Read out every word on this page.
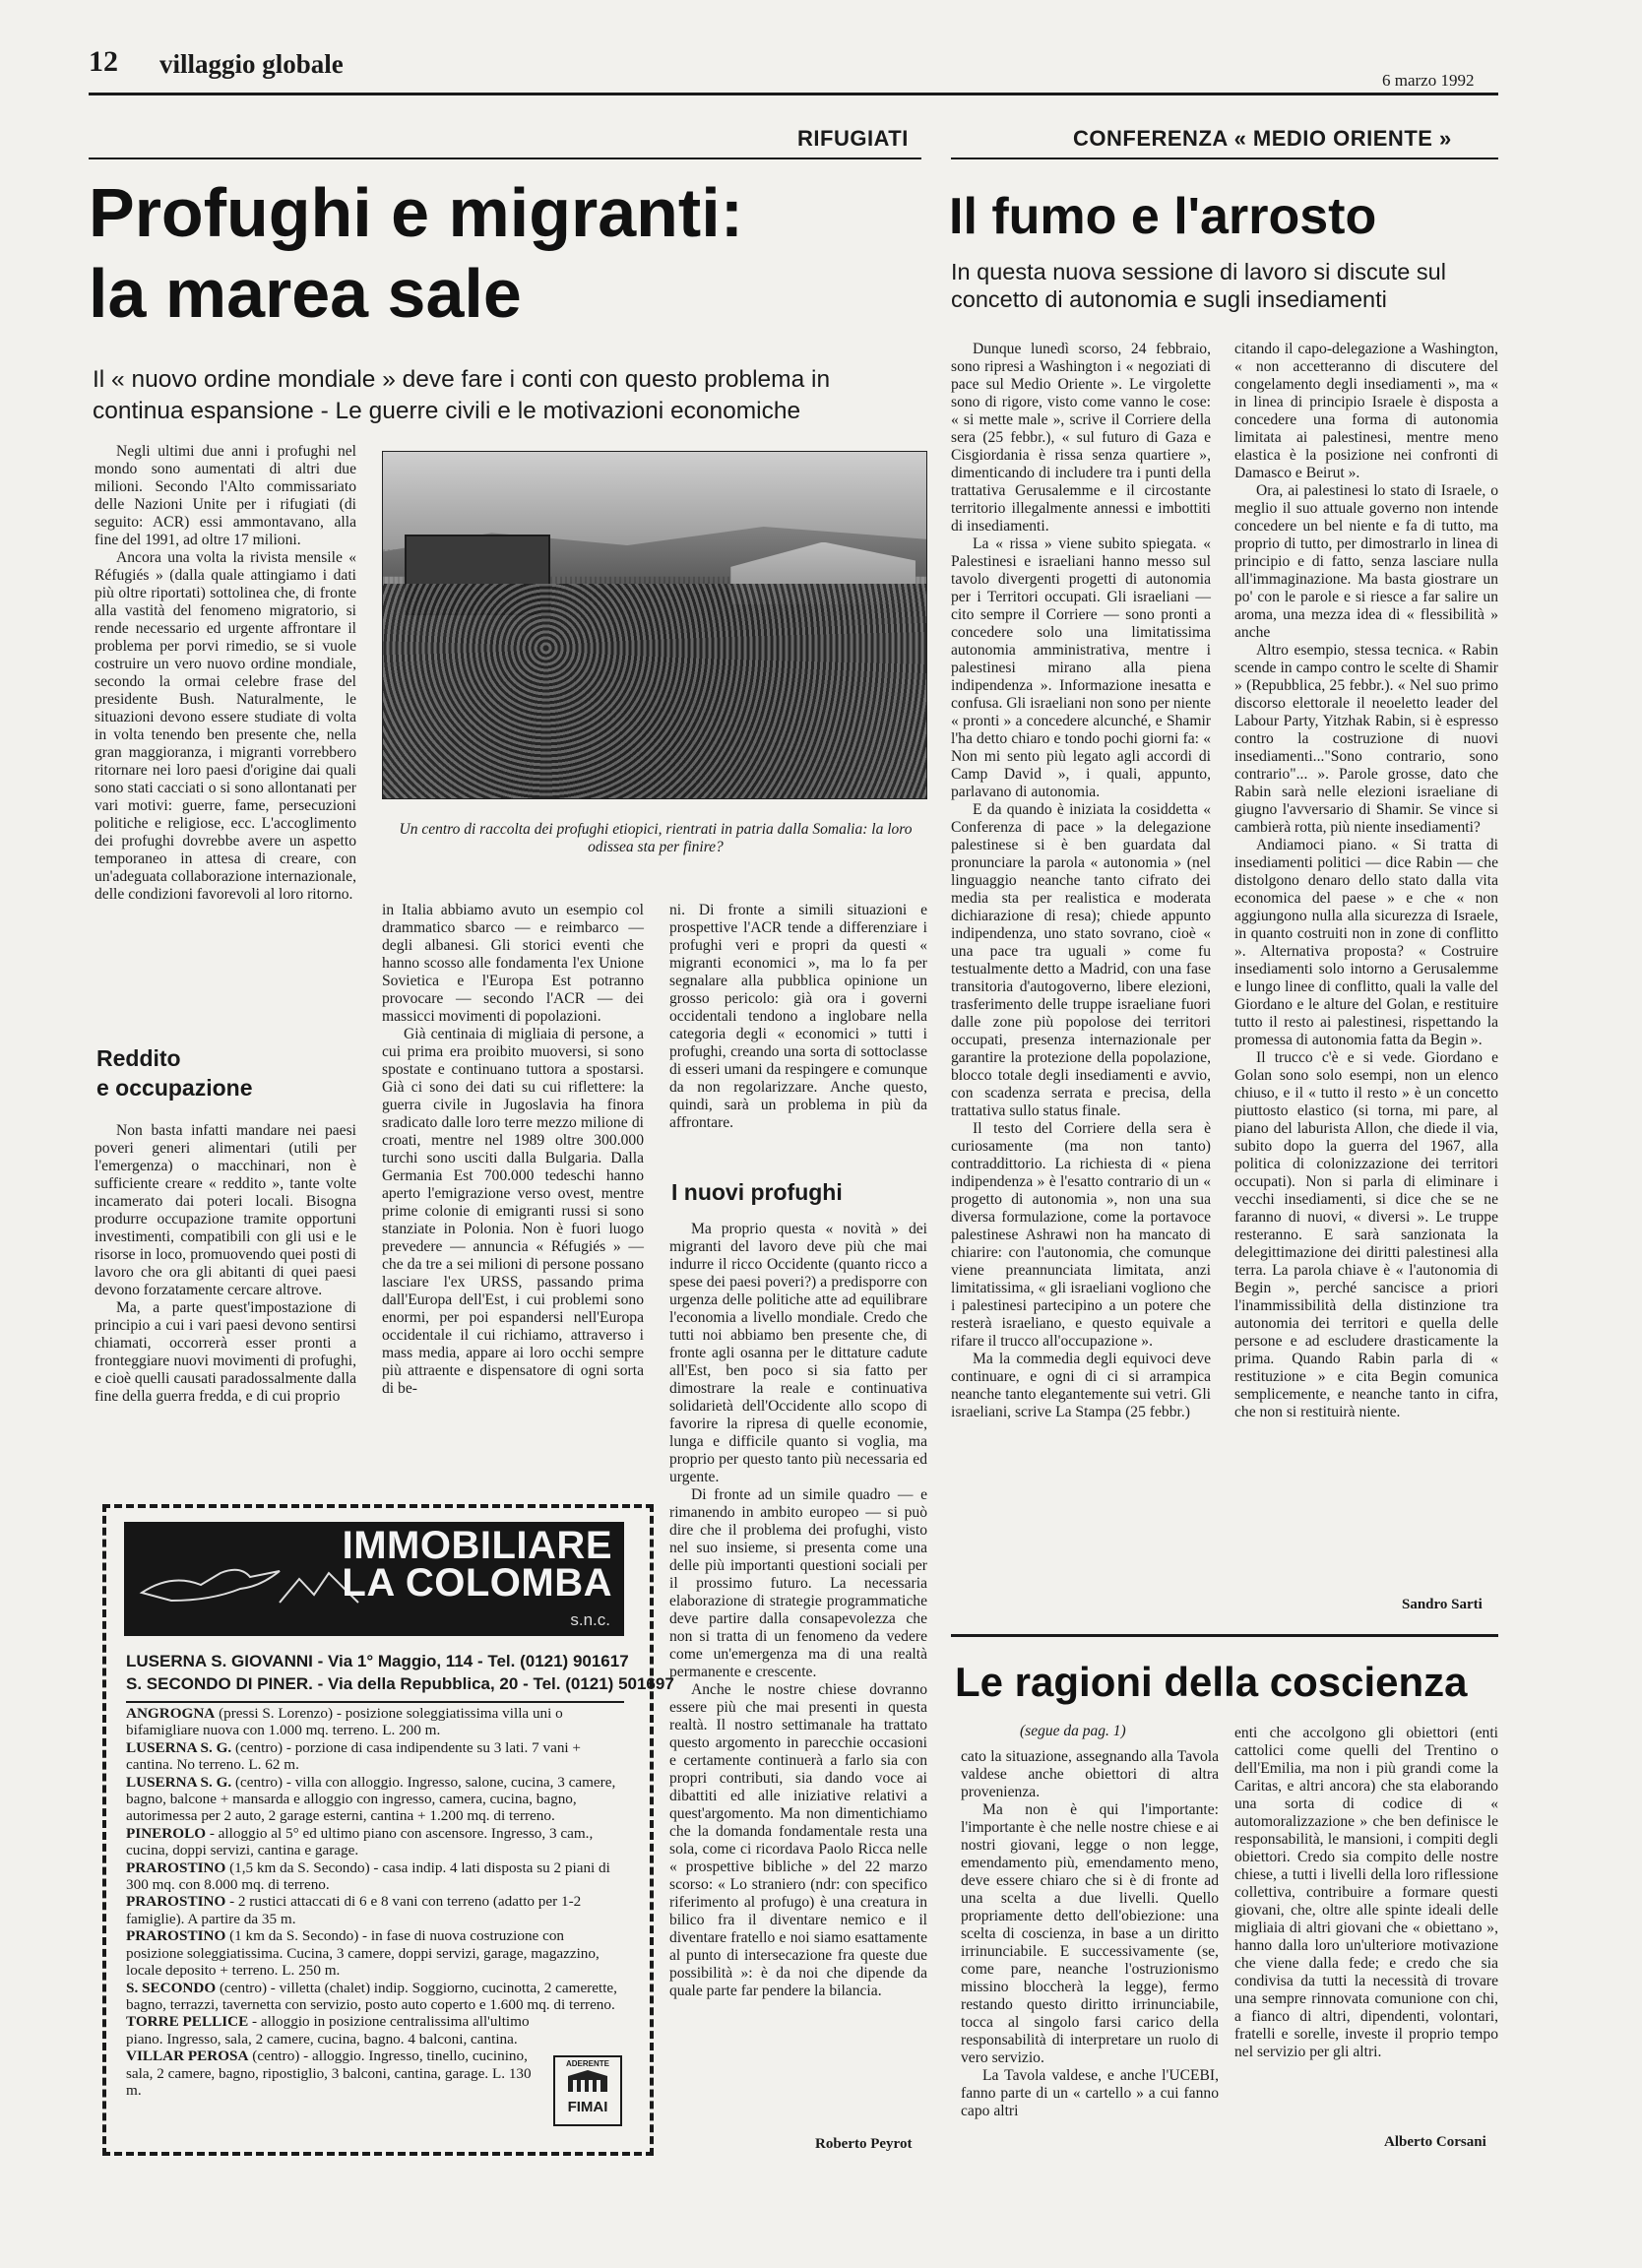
12 villaggio globale
6 marzo 1992
RIFUGIATI
Profughi e migranti:
la marea sale
Il « nuovo ordine mondiale » deve fare i conti con questo problema in continua espansione - Le guerre civili e le motivazioni economiche

Negli ultimi due anni i profughi nel mondo sono aumentati di altri due milioni. Secondo l'Alto commissariato delle Nazioni Unite per i rifugiati (di seguito: ACR) essi ammontavano, alla fine del 1991, ad oltre 17 milioni.

Ancora una volta la rivista mensile « Réfugiés » (dalla quale attingiamo i dati più oltre riportati) sottolinea che, di fronte alla vastità del fenomeno migratorio, si rende necessario ed urgente affrontare il problema per porvi rimedio, se si vuole costruire un vero nuovo ordine mondiale, secondo la ormai celebre frase del presidente Bush. Naturalmente, le situazioni devono essere studiate di volta in volta tenendo ben presente che, nella gran maggioranza, i migranti vorrebbero ritornare nei loro paesi d'origine dai quali sono stati cacciati o si sono allontanati per vari motivi: guerre, fame, persecuzioni politiche e religiose, ecc. L'accoglimento dei profughi dovrebbe avere un aspetto temporaneo in attesa di creare, con un'adeguata collaborazione internazionale, delle condizioni favorevoli al loro ritorno.

Reddito
e occupazione

Non basta infatti mandare nei paesi poveri generi alimentari (utili per l'emergenza) o macchinari, non è sufficiente creare « reddito », tante volte incamerato dai poteri locali. Bisogna produrre occupazione tramite opportuni investimenti, compatibili con gli usi e le risorse in loco, promuovendo quei posti di lavoro che ora gli abitanti di quei paesi devono forzatamente cercare altrove.

Ma, a parte quest'impostazione di principio a cui i vari paesi devono sentirsi chiamati, occorrerà esser pronti a fronteggiare nuovi movimenti di profughi, e cioè quelli causati paradossalmente dalla fine della guerra fredda, e di cui proprio

Un centro di raccolta dei profughi etiopici, rientrati in patria dalla Somalia: la loro odissea sta per finire?

in Italia abbiamo avuto un esempio col drammatico sbarco — e reimbarco — degli albanesi. Gli storici eventi che hanno scosso alle fondamenta l'ex Unione Sovietica e l'Europa Est potranno provocare — secondo l'ACR — dei massicci movimenti di popolazioni.

Già centinaia di migliaia di persone, a cui prima era proibito muoversi, si sono spostate e continuano tuttora a spostarsi. Già ci sono dei dati su cui riflettere: la guerra civile in Jugoslavia ha finora sradicato dalle loro terre mezzo milione di croati, mentre nel 1989 oltre 300.000 turchi sono usciti dalla Bulgaria. Dalla Germania Est 700.000 tedeschi hanno aperto l'emigrazione verso ovest, mentre prime colonie di emigranti russi si sono stanziate in Polonia. Non è fuori luogo prevedere — annuncia « Réfugiés » — che da tre a sei milioni di persone possano lasciare l'ex URSS, passando prima dall'Europa dell'Est, i cui problemi sono enormi, per poi espandersi nell'Europa occidentale il cui richiamo, attraverso i mass media, appare ai loro occhi sempre più attraente e dispensatore di ogni sorta di be-

ni. Di fronte a simili situazioni e prospettive l'ACR tende a differenziare i profughi veri e propri da questi « migranti economici », ma lo fa per segnalare alla pubblica opinione un grosso pericolo: già ora i governi occidentali tendono a inglobare nella categoria degli « economici » tutti i profughi, creando una sorta di sottoclasse di esseri umani da respingere e comunque da non regolarizzare. Anche questo, quindi, sarà un problema in più da affrontare.

I nuovi profughi

Ma proprio questa « novità » dei migranti del lavoro deve più che mai indurre il ricco Occidente (quanto ricco a spese dei paesi poveri?) a predisporre con urgenza delle politiche atte ad equilibrare l'economia a livello mondiale. Credo che tutti noi abbiamo ben presente che, di fronte agli osanna per le dittature cadute all'Est, ben poco si sia fatto per dimostrare la reale e continuativa solidarietà dell'Occidente allo scopo di favorire la ripresa di quelle economie, lunga e difficile quanto si voglia, ma proprio per questo tanto più necessaria ed urgente.

Di fronte ad un simile quadro — e rimanendo in ambito europeo — si può dire che il problema dei profughi, visto nel suo insieme, si presenta come una delle più importanti questioni sociali per il prossimo futuro. La necessaria elaborazione di strategie programmatiche deve partire dalla consapevolezza che non si tratta di un fenomeno da vedere come un'emergenza ma di una realtà permanente e crescente.

Anche le nostre chiese dovranno essere più che mai presenti in questa realtà. Il nostro settimanale ha trattato questo argomento in parecchie occasioni e certamente continuerà a farlo sia con propri contributi, sia dando voce ai dibattiti ed alle iniziative relativi a quest'argomento. Ma non dimentichiamo che la domanda fondamentale resta una sola, come ci ricordava Paolo Ricca nelle « prospettive bibliche » del 22 marzo scorso: « Lo straniero (ndr: con specifico riferimento al profugo) è una creatura in bilico fra il diventare nemico e il diventare fratello e noi siamo esattamente al punto di intersecazione fra queste due possibilità »: è da noi che dipende da quale parte far pendere la bilancia.

Roberto Peyrot
IMMOBILIARE
LA COLOMBA
s.n.c.
LUSERNA S. GIOVANNI - Via 1° Maggio, 114 - Tel. (0121) 901617
S. SECONDO DI PINER. - Via della Repubblica, 20 - Tel. (0121) 501697
ANGROGNA (pressi S. Lorenzo) - posizione soleggiatissima villa uni o bifamigliare nuova con 1.000 mq. terreno. L. 200 m.
LUSERNA S. G. (centro) - porzione di casa indipendente su 3 lati. 7 vani + cantina. No terreno. L. 62 m.
LUSERNA S. G. (centro) - villa con alloggio. Ingresso, salone, cucina, 3 camere, bagno, balcone + mansarda e alloggio con ingresso, camera, cucina, bagno, autorimessa per 2 auto, 2 garage esterni, cantina + 1.200 mq. di terreno.
PINEROLO - alloggio al 5° ed ultimo piano con ascensore. Ingresso, 3 cam., cucina, doppi servizi, cantina e garage.
PRAROSTINO (1,5 km da S. Secondo) - casa indip. 4 lati disposta su 2 piani di 300 mq. con 8.000 mq. di terreno.
PRAROSTINO - 2 rustici attaccati di 6 e 8 vani con terreno (adatto per 1-2 famiglie). A partire da 35 m.
PRAROSTINO (1 km da S. Secondo) - in fase di nuova costruzione con posizione soleggiatissima. Cucina, 3 camere, doppi servizi, garage, magazzino, locale deposito + terreno. L. 250 m.
S. SECONDO (centro) - villetta (chalet) indip. Soggiorno, cucinotta, 2 camerette, bagno, terrazzi, tavernetta con servizio, posto auto coperto e 1.600 mq. di terreno.
TORRE PELLICE - alloggio in posizione centralissima all'ultimo piano. Ingresso, sala, 2 camere, cucina, bagno. 4 balconi, cantina.
VILLAR PEROSA (centro) - alloggio. Ingresso, tinello, cucinino, sala, 2 camere, bagno, ripostiglio, 3 balconi, cantina, garage. L. 130 m.
ADERENTE
FIMAI
CONFERENZA « MEDIO ORIENTE »
Il fumo e l'arrosto
In questa nuova sessione di lavoro si discute sul concetto di autonomia e sugli insediamenti

Dunque lunedì scorso, 24 febbraio, sono ripresi a Washington i « negoziati di pace sul Medio Oriente ». Le virgolette sono di rigore, visto come vanno le cose: « si mette male », scrive il Corriere della sera (25 febbr.), « sul futuro di Gaza e Cisgiordania è rissa senza quartiere », dimenticando di includere tra i punti della trattativa Gerusalemme e il circostante territorio illegalmente annessi e imbottiti di insediamenti.

La « rissa » viene subito spiegata. « Palestinesi e israeliani hanno messo sul tavolo divergenti progetti di autonomia per i Territori occupati. Gli israeliani — cito sempre il Corriere — sono pronti a concedere solo una limitatissima autonomia amministrativa, mentre i palestinesi mirano alla piena indipendenza ». Informazione inesatta e confusa. Gli israeliani non sono per niente « pronti » a concedere alcunché, e Shamir l'ha detto chiaro e tondo pochi giorni fa: « Non mi sento più legato agli accordi di Camp David », i quali, appunto, parlavano di autonomia.

E da quando è iniziata la cosiddetta « Conferenza di pace » la delegazione palestinese si è ben guardata dal pronunciare la parola « autonomia » (nel linguaggio neanche tanto cifrato dei media sta per realistica e moderata dichiarazione di resa); chiede appunto indipendenza, uno stato sovrano, cioè « una pace tra uguali » come fu testualmente detto a Madrid, con una fase transitoria d'autogoverno, libere elezioni, trasferimento delle truppe israeliane fuori dalle zone più popolose dei territori occupati, presenza internazionale per garantire la protezione della popolazione, blocco totale degli insediamenti e avvio, con scadenza serrata e precisa, della trattativa sullo status finale.

Il testo del Corriere della sera è curiosamente (ma non tanto) contraddittorio. La richiesta di « piena indipendenza » è l'esatto contrario di un « progetto di autonomia », non una sua diversa formulazione, come la portavoce palestinese Ashrawi non ha mancato di chiarire: con l'autonomia, che comunque viene preannunciata limitata, anzi limitatissima, « gli israeliani vogliono che i palestinesi partecipino a un potere che resterà israeliano, e questo equivale a rifare il trucco all'occupazione ».

Ma la commedia degli equivoci deve continuare, e ogni di ci si arrampica neanche tanto elegantemente sui vetri. Gli israeliani, scrive La Stampa (25 febbr.)

citando il capo-delegazione a Washington, « non accetteranno di discutere del congelamento degli insediamenti », ma « in linea di principio Israele è disposta a concedere una forma di autonomia limitata ai palestinesi, mentre meno elastica è la posizione nei confronti di Damasco e Beirut ».

Ora, ai palestinesi lo stato di Israele, o meglio il suo attuale governo non intende concedere un bel niente e fa di tutto, ma proprio di tutto, per dimostrarlo in linea di principio e di fatto, senza lasciare nulla all'immaginazione. Ma basta giostrare un po' con le parole e si riesce a far salire un aroma, una mezza idea di « flessibilità » anche

Altro esempio, stessa tecnica. « Rabin scende in campo contro le scelte di Shamir » (Repubblica, 25 febbr.). « Nel suo primo discorso elettorale il neoeletto leader del Labour Party, Yitzhak Rabin, si è espresso contro la costruzione di nuovi insediamenti..."Sono contrario, sono contrario"... ». Parole grosse, dato che Rabin sarà nelle elezioni israeliane di giugno l'avversario di Shamir. Se vince si cambierà rotta, più niente insediamenti?

Andiamoci piano. « Si tratta di insediamenti politici — dice Rabin — che distolgono denaro dello stato dalla vita economica del paese » e che « non aggiungono nulla alla sicurezza di Israele, in quanto costruiti non in zone di conflitto ». Alternativa proposta? « Costruire insediamenti solo intorno a Gerusalemme e lungo linee di conflitto, quali la valle del Giordano e le alture del Golan, e restituire tutto il resto ai palestinesi, rispettando la promessa di autonomia fatta da Begin ».

Il trucco c'è e si vede. Giordano e Golan sono solo esempi, non un elenco chiuso, e il « tutto il resto » è un concetto piuttosto elastico (si torna, mi pare, al piano del laburista Allon, che diede il via, subito dopo la guerra del 1967, alla politica di colonizzazione dei territori occupati). Non si parla di eliminare i vecchi insediamenti, si dice che se ne faranno di nuovi, « diversi ». Le truppe resteranno. E sarà sanzionata la delegittimazione dei diritti palestinesi alla terra. La parola chiave è « l'autonomia di Begin », perché sancisce a priori l'inammissibilità della distinzione tra autonomia dei territori e quella delle persone e ad escludere drasticamente la prima. Quando Rabin parla di « restituzione » e cita Begin comunica semplicemente, e neanche tanto in cifra, che non si restituirà niente.

Sandro Sarti
Le ragioni della coscienza
(segue da pag. 1)

cato la situazione, assegnando alla Tavola valdese anche obiettori di altra provenienza.

Ma non è qui l'importante: l'importante è che nelle nostre chiese e ai nostri giovani, legge o non legge, emendamento più, emendamento meno, deve essere chiaro che si è di fronte ad una scelta a due livelli. Quello propriamente detto dell'obiezione: una scelta di coscienza, in base a un diritto irrinunciabile. E successivamente (se, come pare, neanche l'ostruzionismo missino bloccherà la legge), fermo restando questo diritto irrinunciabile, tocca al singolo farsi carico della responsabilità di interpretare un ruolo di vero servizio.

La Tavola valdese, e anche l'UCEBI, fanno parte di un « cartello » a cui fanno capo altri

enti che accolgono gli obiettori (enti cattolici come quelli del Trentino o dell'Emilia, ma non i più grandi come la Caritas, e altri ancora) che sta elaborando una sorta di codice di « automoralizzazione » che ben definisce le responsabilità, le mansioni, i compiti degli obiettori. Credo sia compito delle nostre chiese, a tutti i livelli della loro riflessione collettiva, contribuire a formare questi giovani, che, oltre alle spinte ideali delle migliaia di altri giovani che « obiettano », hanno dalla loro un'ulteriore motivazione che viene dalla fede; e credo che sia condivisa da tutti la necessità di trovare una sempre rinnovata comunione con chi, a fianco di altri, dipendenti, volontari, fratelli e sorelle, investe il proprio tempo nel servizio per gli altri.

Alberto Corsani
